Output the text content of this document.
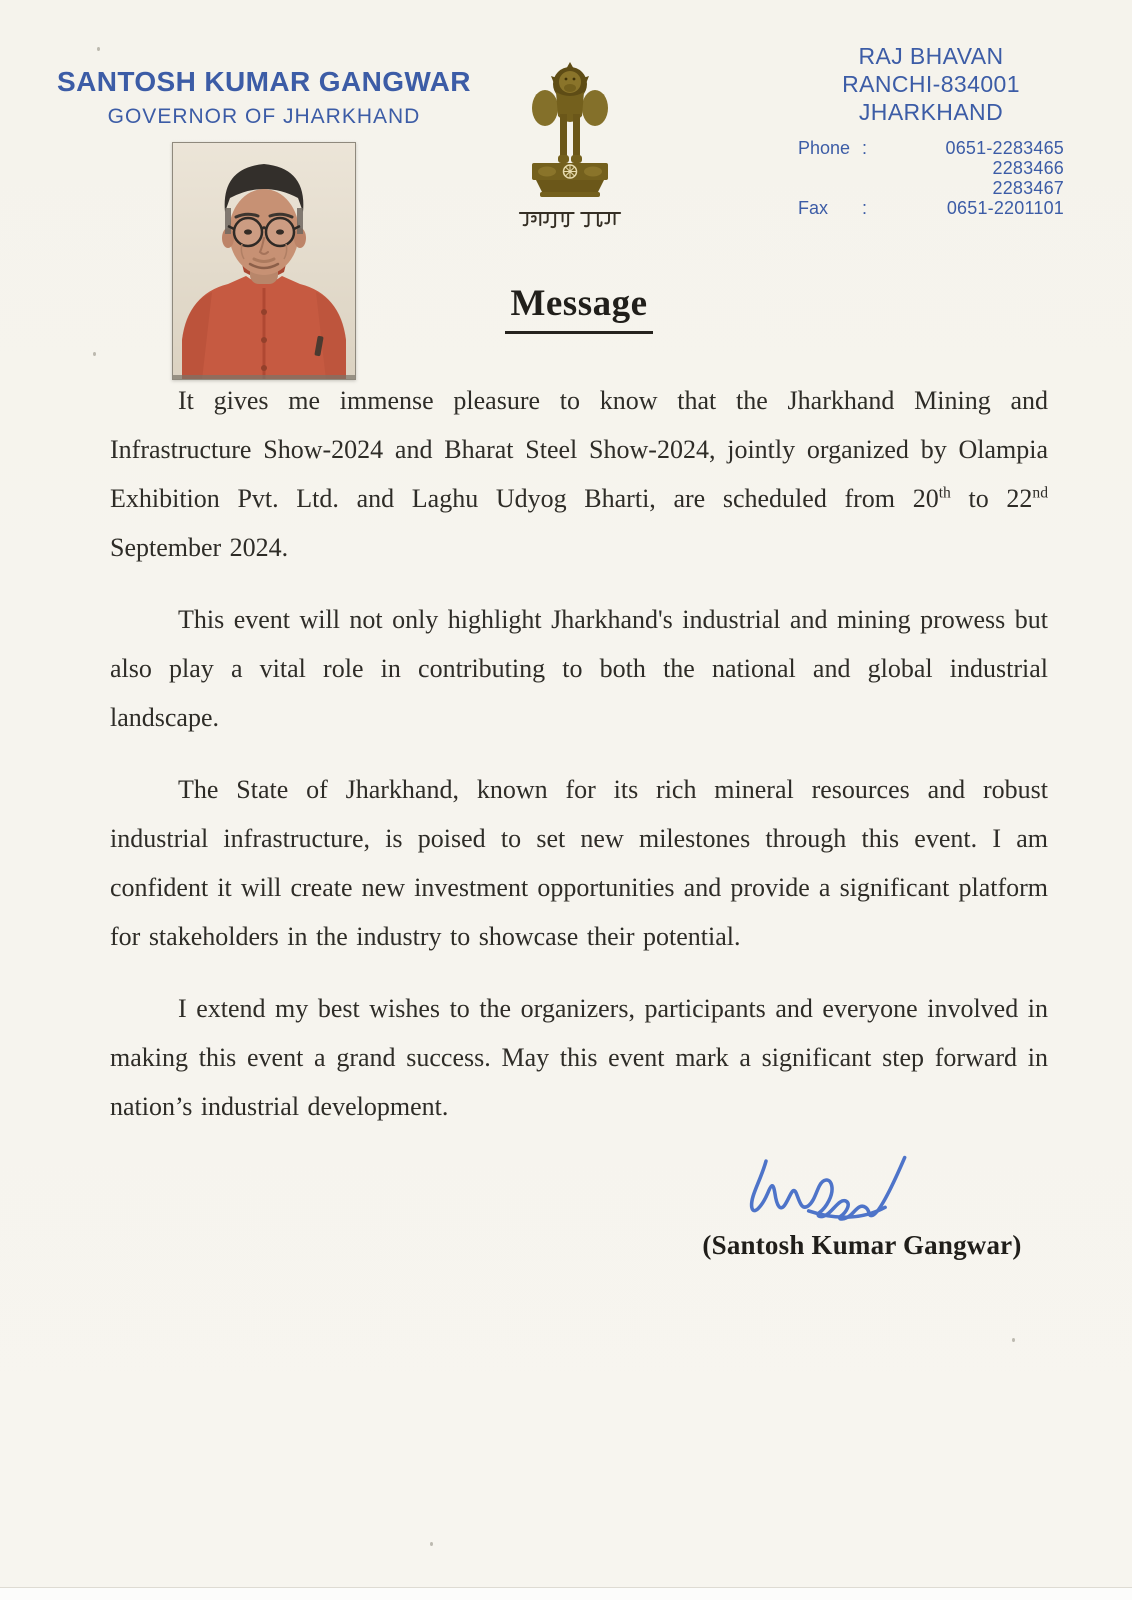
SANTOSH KUMAR GANGWAR
GOVERNOR OF JHARKHAND

RAJ BHAVAN
RANCHI-834001
JHARKHAND
Phone :	0651-2283465
2283466
2283467
Fax	:	0651-2201101
Message

It gives me immense pleasure to know that the Jharkhand Mining and Infrastructure Show-2024 and Bharat Steel Show-2024, jointly organized by Olampia Exhibition Pvt. Ltd. and Laghu Udyog Bharti, are scheduled from 20th to 22nd September 2024.

This event will not only highlight Jharkhand's industrial and mining prowess but also play a vital role in contributing to both the national and global industrial landscape.

The State of Jharkhand, known for its rich mineral resources and robust industrial infrastructure, is poised to set new milestones through this event. I am confident it will create new investment opportunities and provide a significant platform for stakeholders in the industry to showcase their potential.

I extend my best wishes to the organizers, participants and everyone involved in making this event a grand success. May this event mark a significant step forward in nation’s industrial development.

(Santosh Kumar Gangwar)
